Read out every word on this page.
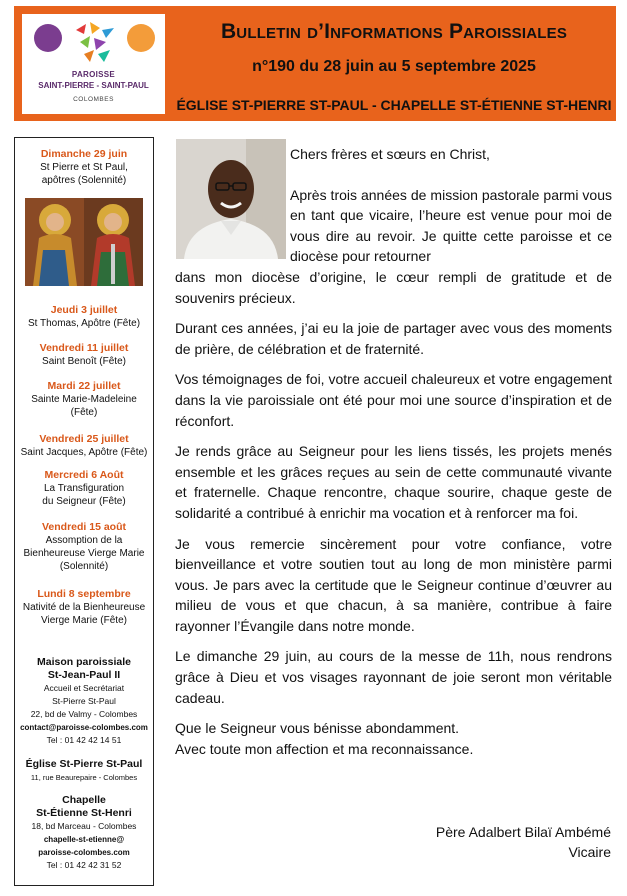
PAROISSE
SAINT-PIERRE - SAINT-PAUL
COLOMBES
Bulletin d’Informations Paroissiales
n°190 du 28 juin au 5 septembre 2025
ÉGLISE ST-PIERRE ST-PAUL - CHAPELLE ST-ÉTIENNE ST-HENRI
Dimanche 29 juin
St Pierre et St Paul,
apôtres (Solennité)
Jeudi 3 juillet
St Thomas, Apôtre (Fête)
Vendredi 11 juillet
Saint Benoît (Fête)
Mardi 22 juillet
Sainte Marie-Madeleine
(Fête)
Vendredi 25 juillet
Saint Jacques, Apôtre (Fête)
Mercredi 6 Août
La Transfiguration
du Seigneur (Fête)
Vendredi 15 août
Assomption de la
Bienheureuse Vierge Marie
(Solennité)
Lundi 8 septembre
Nativité de la Bienheureuse
Vierge Marie (Fête)
Maison paroissiale
St-Jean-Paul II
Accueil et Secrétariat
St-Pierre St-Paul
22, bd de Valmy - Colombes
contact@paroisse-colombes.com
Tel : 01 42 42 14 51
Église St-Pierre St-Paul
11, rue Beaurepaire - Colombes
Chapelle
St-Étienne St-Henri
18, bd Marceau - Colombes
chapelle-st-etienne@
paroisse-colombes.com
Tel : 01 42 42 31 52

Chers frères et sœurs en Christ,

Après trois années de mission pastorale parmi vous en tant que vicaire, l’heure est venue pour moi de vous dire au revoir. Je quitte cette paroisse et ce diocèse pour retourner

dans mon diocèse d’origine, le cœur rempli de gratitude et de souvenirs précieux.

Durant ces années, j’ai eu la joie de partager avec vous des moments de prière, de célébration et de fraternité.

Vos témoignages de foi, votre accueil chaleureux et votre engagement dans la vie paroissiale ont été pour moi une source d’inspiration et de réconfort.

Je rends grâce au Seigneur pour les liens tissés, les projets menés ensemble et les grâces reçues au sein de cette communauté vivante et fraternelle. Chaque rencontre, chaque sourire, chaque geste de solidarité a contribué à enrichir ma vocation et à renforcer ma foi.

Je vous remercie sincèrement pour votre confiance, votre bienveillance et votre soutien tout au long de mon ministère parmi vous. Je pars avec la certitude que le Seigneur continue d’œuvrer au milieu de vous et que chacun, à sa manière, contribue à faire rayonner l’Évangile dans notre monde.

Le dimanche 29 juin, au cours de la messe de 11h, nous rendrons grâce à Dieu et vos visages rayonnant de joie seront mon véritable cadeau.

Que le Seigneur vous bénisse abondamment.

Avec toute mon affection et ma reconnaissance.

Père Adalbert Bilaï Ambémé
Vicaire
